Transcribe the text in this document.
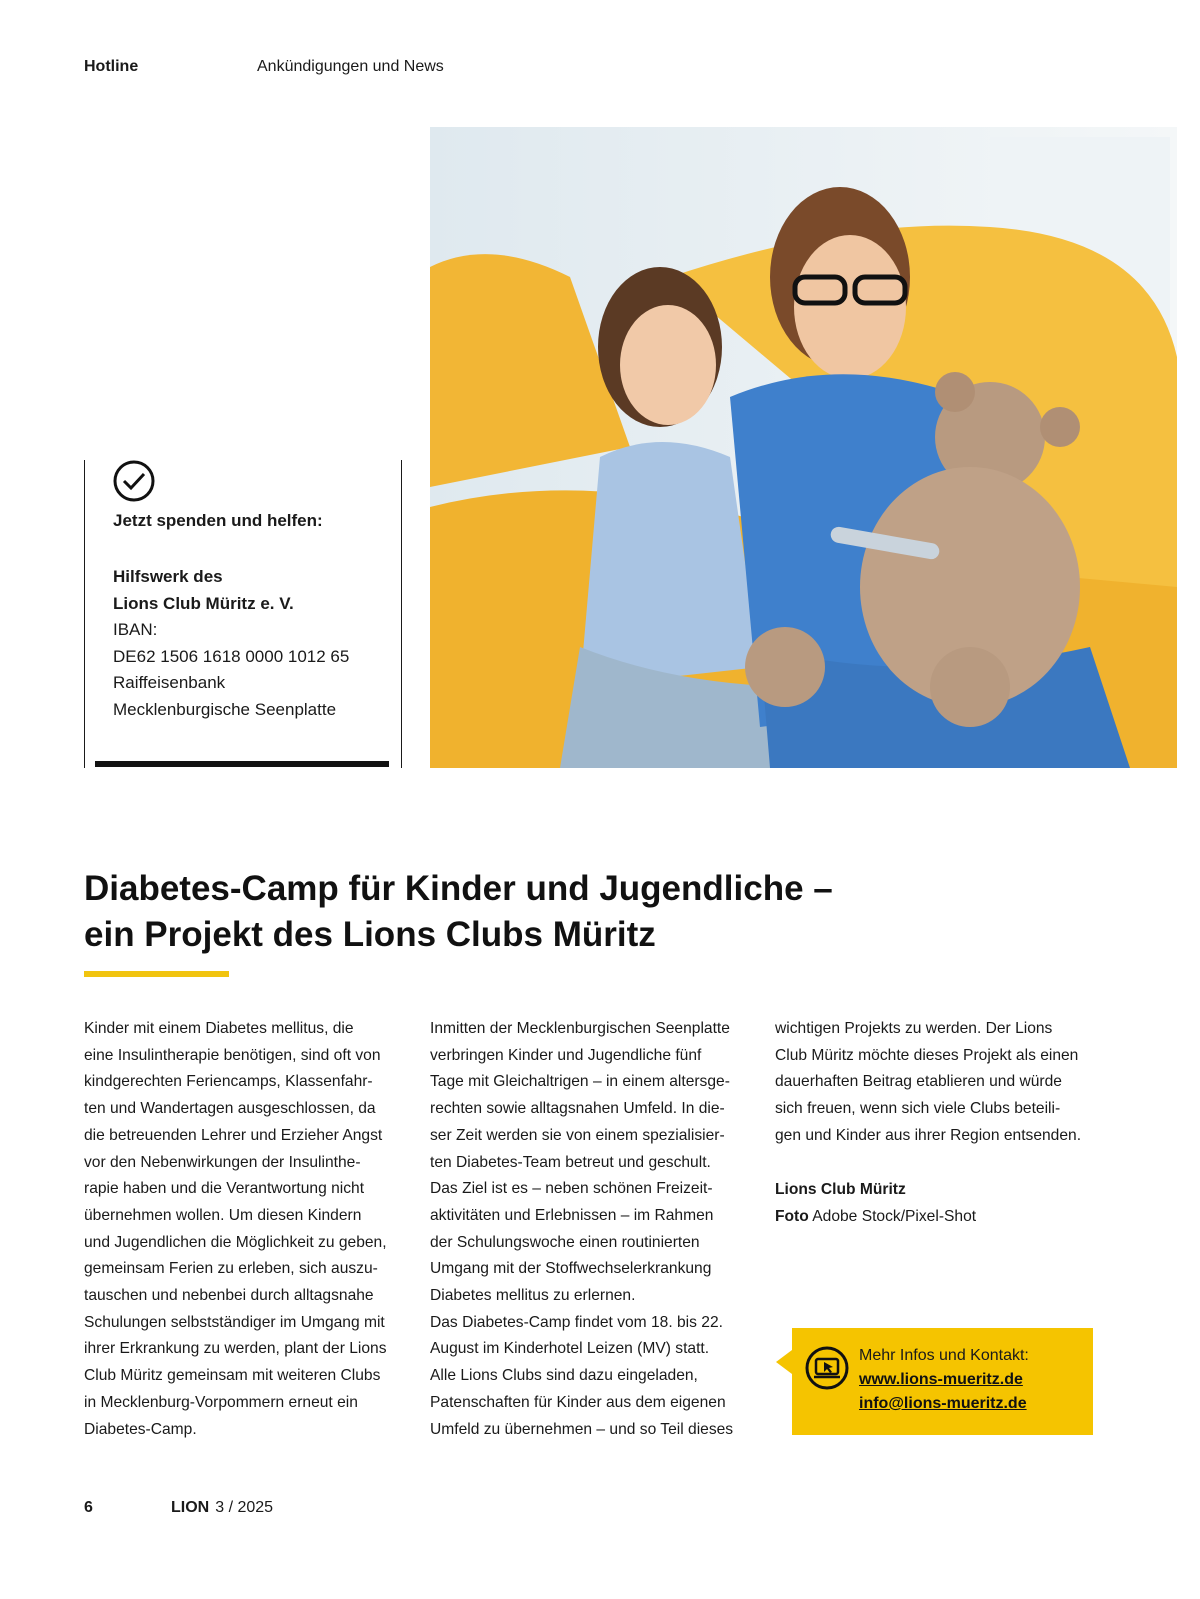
Hotline	Ankündigungen und News
Jetzt spenden und helfen:
Hilfswerk des
Lions Club Müritz e. V.
IBAN:
DE62 1506 1618 0000 1012 65
Raiffeisenbank
Mecklenburgische Seenplatte
Diabetes-Camp für Kinder und Jugendliche –
ein Projekt des Lions Clubs Müritz
Kinder mit einem Diabetes mellitus, die
eine Insulintherapie benötigen, sind oft von
kindgerechten Feriencamps, Klassenfahr-
ten und Wandertagen ausgeschlossen, da
die betreuenden Lehrer und Erzieher Angst
vor den Nebenwirkungen der Insulinthe-
rapie haben und die Verantwortung nicht
übernehmen wollen. Um diesen Kindern
und Jugendlichen die Möglichkeit zu geben,
gemeinsam Ferien zu erleben, sich auszu-
tauschen und nebenbei durch alltagsnahe
Schulungen selbstständiger im Umgang mit
ihrer Erkrankung zu werden, plant der Lions
Club Müritz gemeinsam mit weiteren Clubs
in Mecklenburg-Vorpommern erneut ein
Diabetes-Camp.
Inmitten der Mecklenburgischen Seenplatte
verbringen Kinder und Jugendliche fünf
Tage mit Gleichaltrigen – in einem altersge-
rechten sowie alltagsnahen Umfeld. In die-
ser Zeit werden sie von einem spezialisier-
ten Diabetes-Team betreut und geschult.
Das Ziel ist es – neben schönen Freizeit-
aktivitäten und Erlebnissen – im Rahmen
der Schulungswoche einen routinierten
Umgang mit der Stoffwechselerkrankung
Diabetes mellitus zu erlernen.
Das Diabetes-Camp findet vom 18. bis 22.
August im Kinderhotel Leizen (MV) statt.
Alle Lions Clubs sind dazu eingeladen,
Patenschaften für Kinder aus dem eigenen
Umfeld zu übernehmen – und so Teil dieses
wichtigen Projekts zu werden. Der Lions
Club Müritz möchte dieses Projekt als einen
dauerhaften Beitrag etablieren und würde
sich freuen, wenn sich viele Clubs beteili-
gen und Kinder aus ihrer Region entsenden.
Lions Club Müritz
Foto Adobe Stock/Pixel-Shot
Mehr Infos und Kontakt:
www.lions-mueritz.de
info@lions-mueritz.de
6	LION 3 / 2025
